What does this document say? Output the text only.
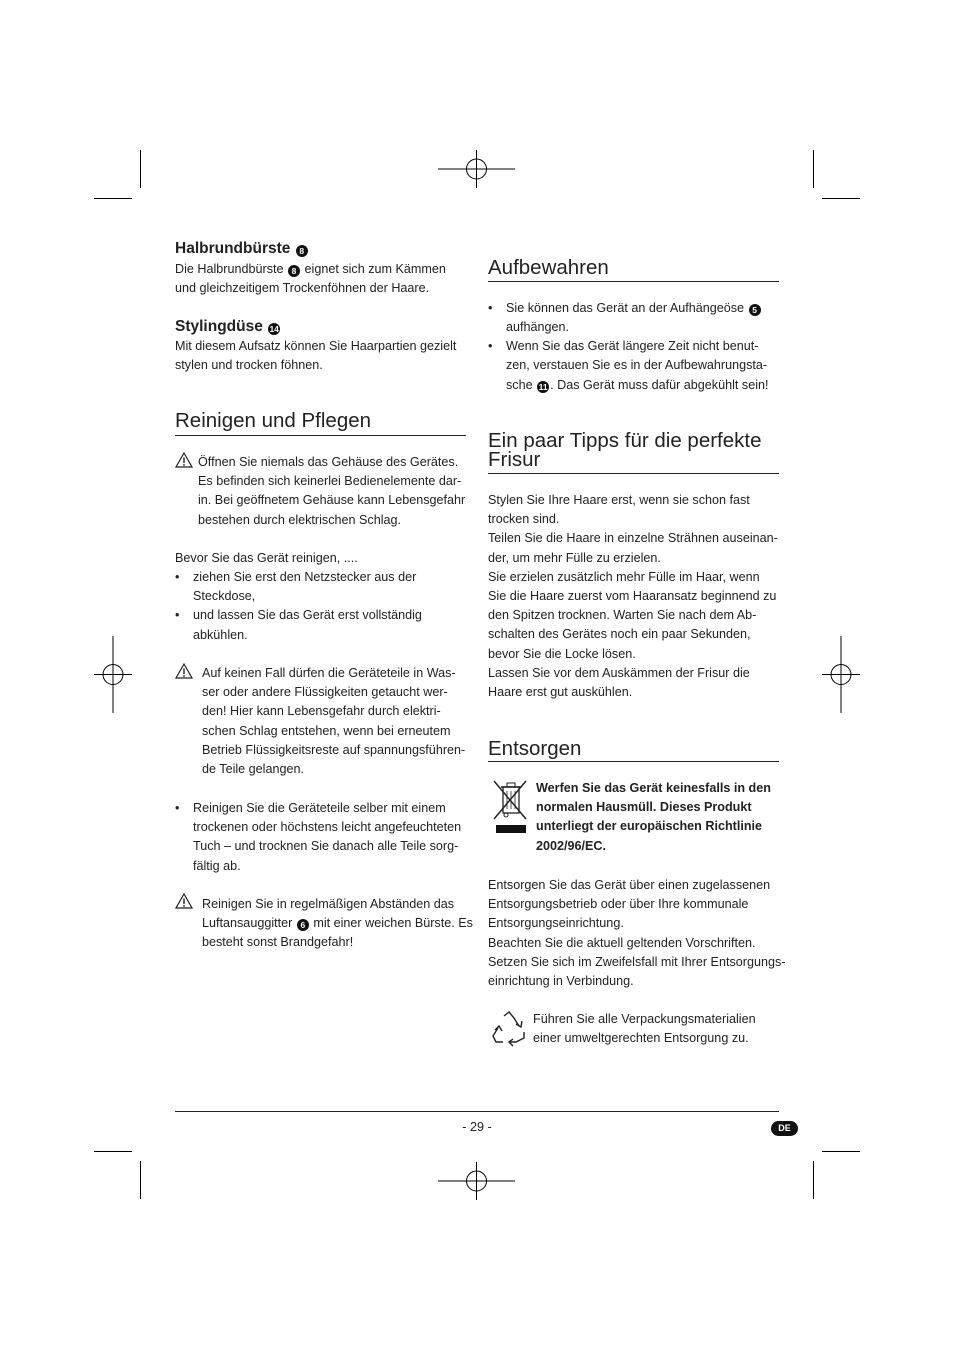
Halbrundbürste 8

Die Halbrundbürste 8 eignet sich zum Kämmen

und gleichzeitigem Trockenföhnen der Haare.

Stylingdüse 14

Mit diesem Aufsatz können Sie Haarpartien gezielt

stylen und trocken föhnen.

Reinigen und Pflegen

Öffnen Sie niemals das Gehäuse des Gerätes.

Es befinden sich keinerlei Bedienelemente dar-

in. Bei geöffnetem Gehäuse kann Lebensgefahr

bestehen durch elektrischen Schlag.

Bevor Sie das Gerät reinigen, ....

• ziehen Sie erst den Netzstecker aus der

Steckdose,

• und lassen Sie das Gerät erst vollständig

abkühlen.

Auf keinen Fall dürfen die Geräteteile in Was-

ser oder andere Flüssigkeiten getaucht wer-

den! Hier kann Lebensgefahr durch elektri-

schen Schlag entstehen, wenn bei erneutem

Betrieb Flüssigkeitsreste auf spannungsführen-

de Teile gelangen.

• Reinigen Sie die Geräteteile selber mit einem

trockenen oder höchstens leicht angefeuchteten

Tuch – und trocknen Sie danach alle Teile sorg-

fältig ab.

Reinigen Sie in regelmäßigen Abständen das

Luftansauggitter 6 mit einer weichen Bürste. Es

besteht sonst Brandgefahr!

Aufbewahren
• Sie können das Gerät an der Aufhängeöse 5

aufhängen.

• Wenn Sie das Gerät längere Zeit nicht benut-

zen, verstauen Sie es in der Aufbewahrungsta-

sche 11 . Das Gerät muss dafür abgekühlt sein!

Ein paar Tipps für die perfekte
Frisur

Stylen Sie Ihre Haare erst, wenn sie schon fast

trocken sind.

Teilen Sie die Haare in einzelne Strähnen auseinan-

der, um mehr Fülle zu erzielen.

Sie erzielen zusätzlich mehr Fülle im Haar, wenn

Sie die Haare zuerst vom Haaransatz beginnend zu

den Spitzen trocknen. Warten Sie nach dem Ab-

schalten des Gerätes noch ein paar Sekunden,

bevor Sie die Locke lösen.

Lassen Sie vor dem Auskämmen der Frisur die

Haare erst gut auskühlen.

Entsorgen

Werfen Sie das Gerät keinesfalls in den

normalen Hausmüll. Dieses Produkt

unterliegt der europäischen Richtlinie

2002/96/EC.

Entsorgen Sie das Gerät über einen zugelassenen

Entsorgungsbetrieb oder über Ihre kommunale

Entsorgungseinrichtung.

Beachten Sie die aktuell geltenden Vorschriften.

Setzen Sie sich im Zweifelsfall mit Ihrer Entsorgungs-

einrichtung in Verbindung.

Führen Sie alle Verpackungsmaterialien

einer umweltgerechten Entsorgung zu.

- 29 -	DE
